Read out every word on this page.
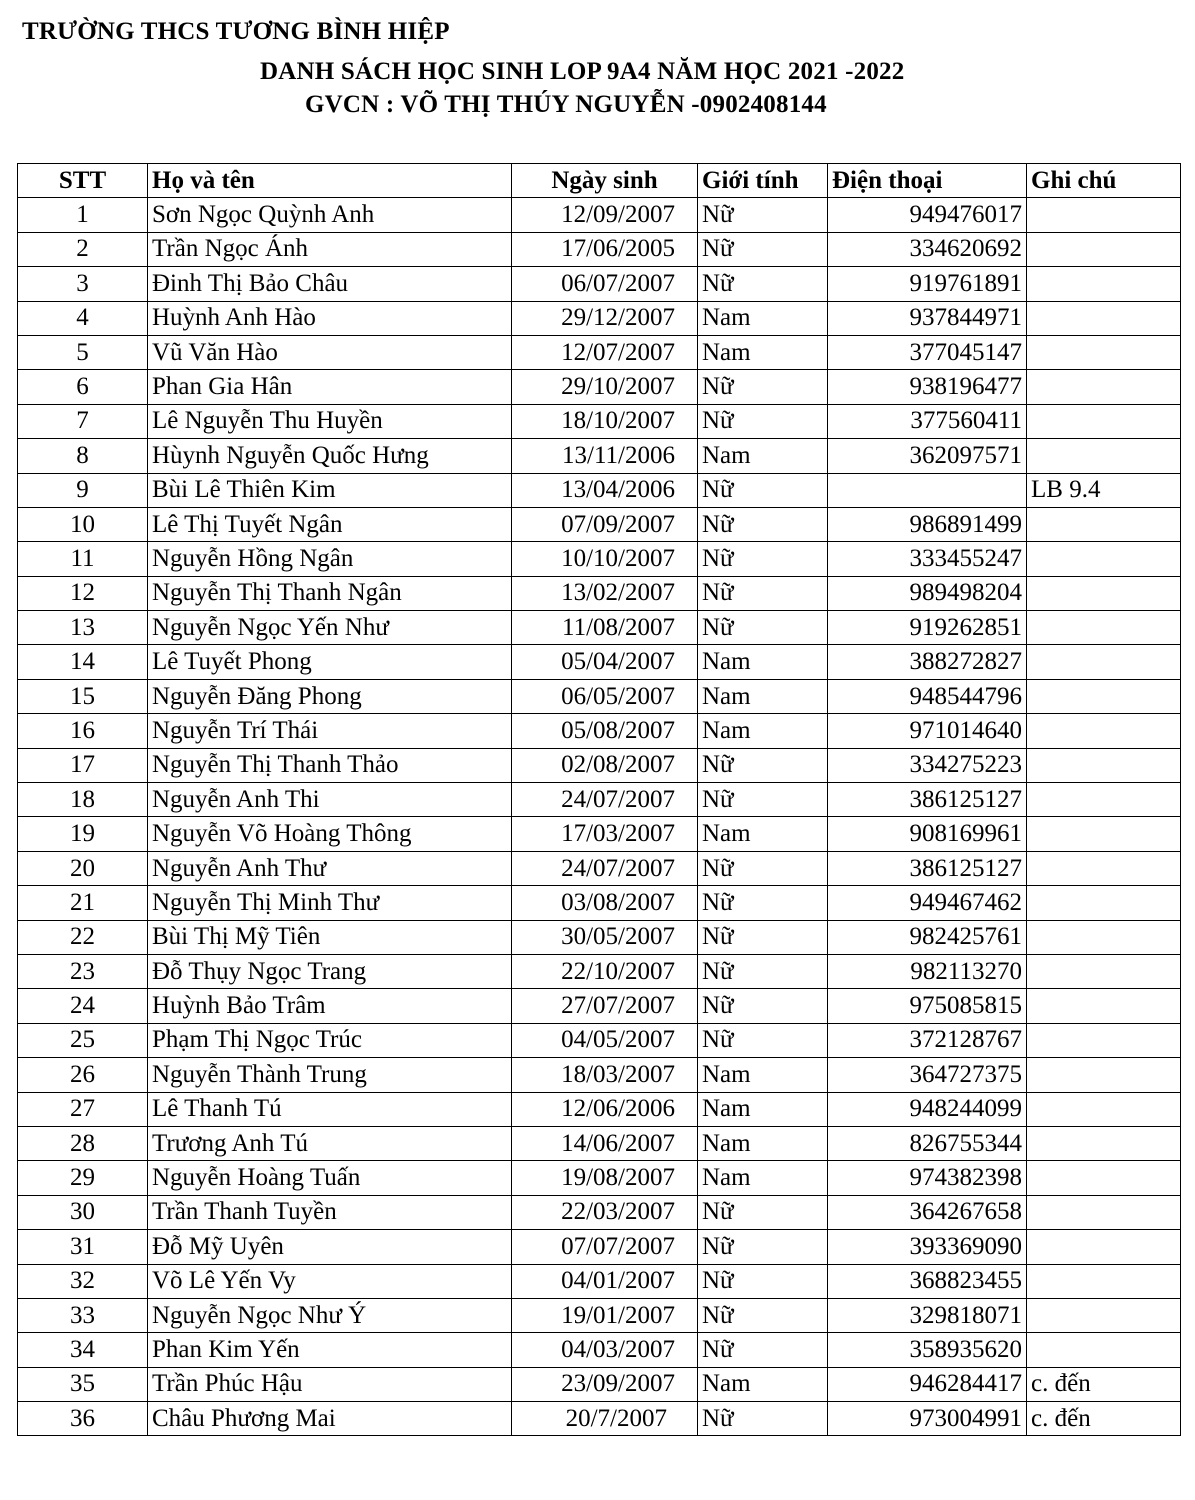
TRƯỜNG THCS TƯƠNG BÌNH HIỆP
DANH SÁCH HỌC SINH LOP 9A4 NĂM HỌC 2021 -2022
GVCN : VÕ THỊ THÚY NGUYỄN -0902408144
STT	Họ và tên	Ngày sinh	Giới tính	Điện thoại	Ghi chú
1	Sơn Ngọc Quỳnh Anh	12/09/2007	Nữ	949476017	
2	Trần Ngọc Ánh	17/06/2005	Nữ	334620692	
3	Đinh Thị Bảo Châu	06/07/2007	Nữ	919761891	
4	Huỳnh Anh Hào	29/12/2007	Nam	937844971	
5	Vũ Văn Hào	12/07/2007	Nam	377045147	
6	Phan Gia Hân	29/10/2007	Nữ	938196477	
7	Lê Nguyễn Thu Huyền	18/10/2007	Nữ	377560411	
8	Hùynh Nguyễn Quốc Hưng	13/11/2006	Nam	362097571	
9	Bùi Lê Thiên Kim	13/04/2006	Nữ		LB 9.4
10	Lê Thị Tuyết Ngân	07/09/2007	Nữ	986891499	
11	Nguyễn Hồng Ngân	10/10/2007	Nữ	333455247	
12	Nguyễn Thị Thanh Ngân	13/02/2007	Nữ	989498204	
13	Nguyễn Ngọc Yến Như	11/08/2007	Nữ	919262851	
14	Lê Tuyết Phong	05/04/2007	Nam	388272827	
15	Nguyễn Đăng Phong	06/05/2007	Nam	948544796	
16	Nguyễn Trí Thái	05/08/2007	Nam	971014640	
17	Nguyễn Thị Thanh Thảo	02/08/2007	Nữ	334275223	
18	Nguyễn Anh Thi	24/07/2007	Nữ	386125127	
19	Nguyễn Võ Hoàng Thông	17/03/2007	Nam	908169961	
20	Nguyễn Anh Thư	24/07/2007	Nữ	386125127	
21	Nguyễn Thị Minh Thư	03/08/2007	Nữ	949467462	
22	Bùi Thị Mỹ Tiên	30/05/2007	Nữ	982425761	
23	Đỗ Thụy Ngọc Trang	22/10/2007	Nữ	982113270	
24	Huỳnh Bảo Trâm	27/07/2007	Nữ	975085815	
25	Phạm Thị Ngọc Trúc	04/05/2007	Nữ	372128767	
26	Nguyễn Thành Trung	18/03/2007	Nam	364727375	
27	Lê Thanh Tú	12/06/2006	Nam	948244099	
28	Trương Anh Tú	14/06/2007	Nam	826755344	
29	Nguyễn Hoàng Tuấn	19/08/2007	Nam	974382398	
30	Trần Thanh Tuyền	22/03/2007	Nữ	364267658	
31	Đỗ Mỹ Uyên	07/07/2007	Nữ	393369090	
32	Võ Lê Yến Vy	04/01/2007	Nữ	368823455	
33	Nguyễn Ngọc Như Ý	19/01/2007	Nữ	329818071	
34	Phan Kim Yến	04/03/2007	Nữ	358935620	
35	Trần Phúc Hậu	23/09/2007	Nam	946284417	c. đến
36	Châu Phương Mai	20/7/2007	Nữ	973004991	c. đến
